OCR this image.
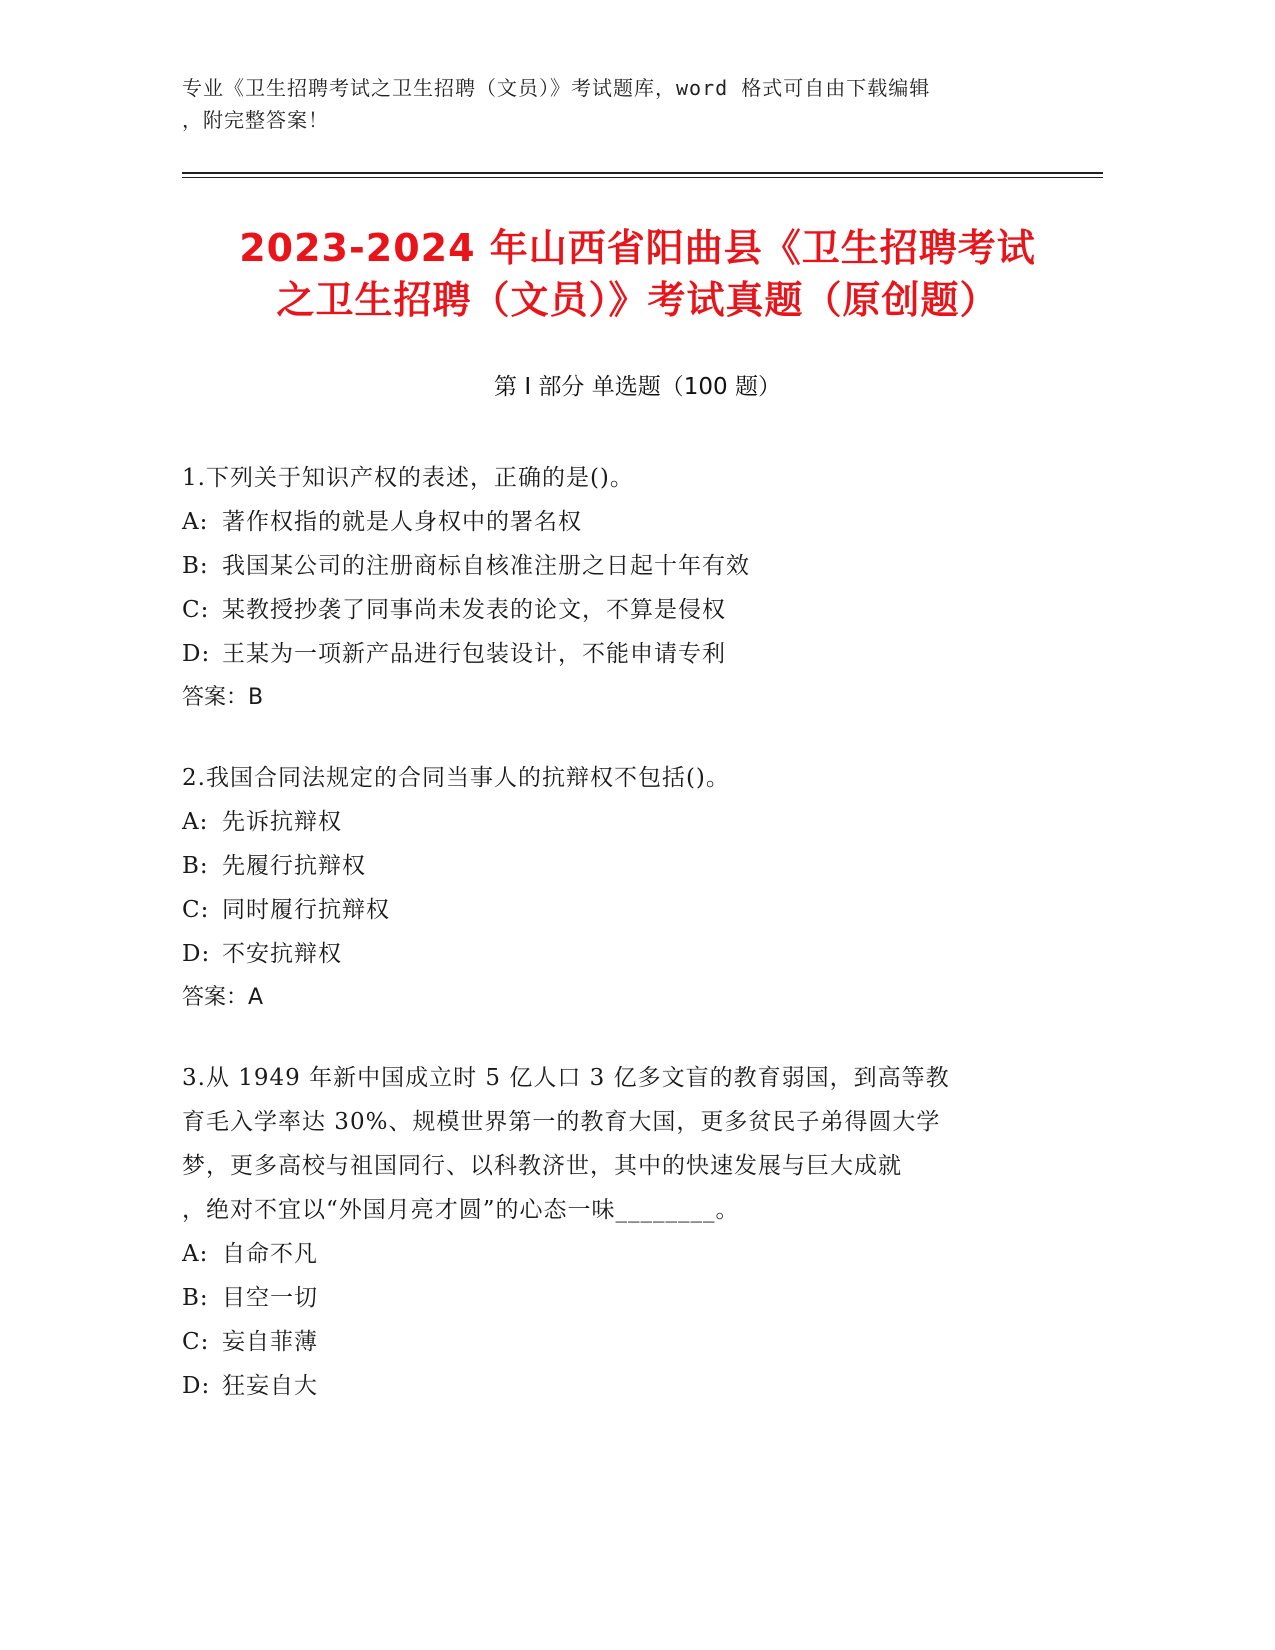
专业《卫生招聘考试之卫生招聘（文员）》考试题库，word 格式可自由下载编辑
，附完整答案！
2023-2024 年山西省阳曲县《卫生招聘考试
之卫生招聘（文员）》考试真题（原创题）
第 I 部分 单选题（100 题）
1.下列关于知识产权的表述，正确的是()。
A: 著作权指的就是人身权中的署名权
B: 我国某公司的注册商标自核准注册之日起十年有效
C: 某教授抄袭了同事尚未发表的论文，不算是侵权
D: 王某为一项新产品进行包装设计，不能申请专利
答案：B
2.我国合同法规定的合同当事人的抗辩权不包括()。
A: 先诉抗辩权
B: 先履行抗辩权
C: 同时履行抗辩权
D: 不安抗辩权
答案：A
3.从 1949 年新中国成立时 5 亿人口 3 亿多文盲的教育弱国，到高等教
育毛入学率达 30%、规模世界第一的教育大国，更多贫民子弟得圆大学
梦，更多高校与祖国同行、以科教济世，其中的快速发展与巨大成就
，绝对不宜以“外国月亮才圆”的心态一味________。
A: 自命不凡
B: 目空一切
C: 妄自菲薄
D: 狂妄自大
